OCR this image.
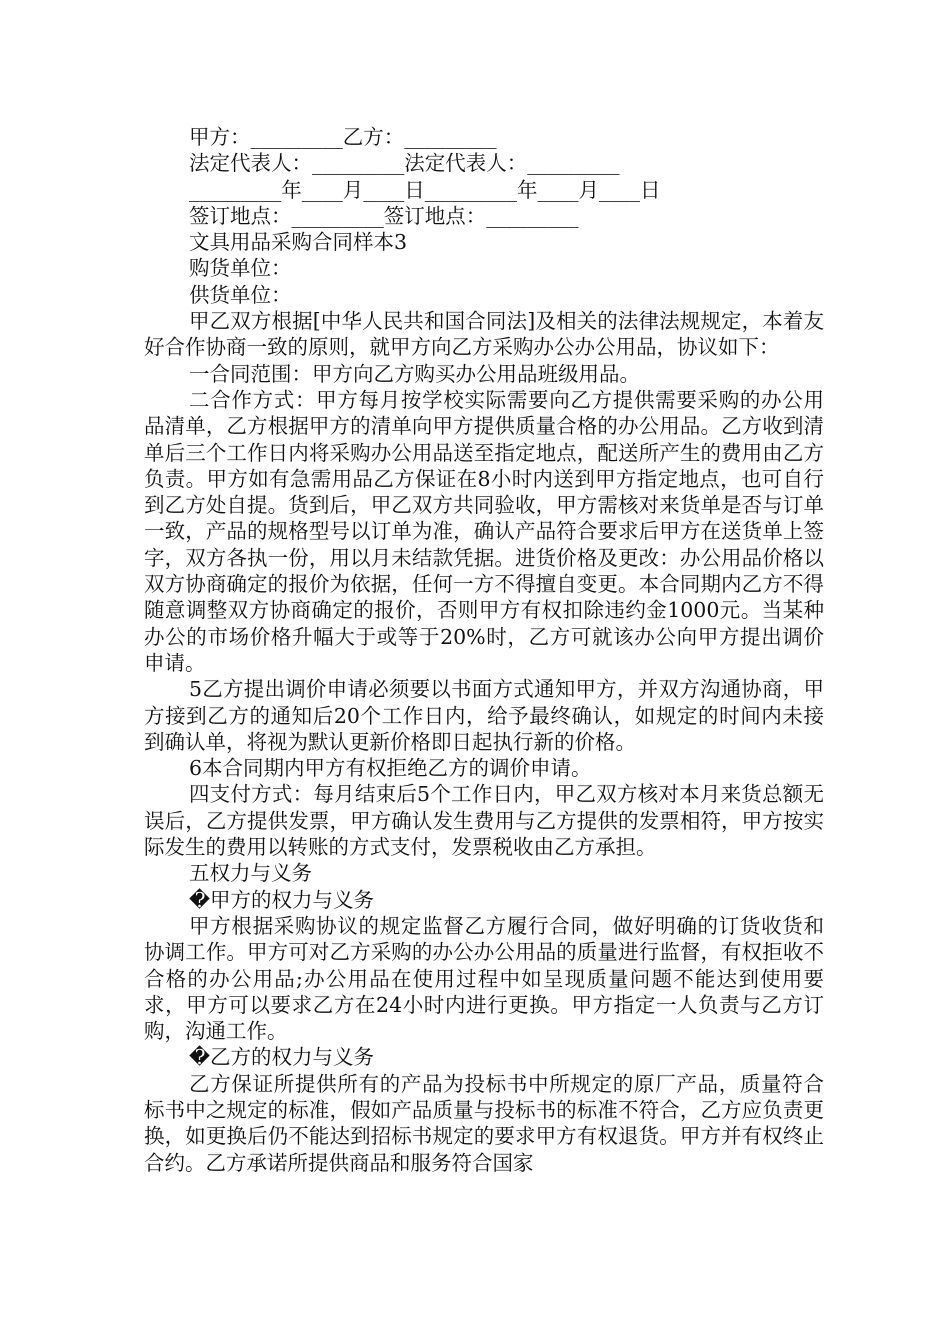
甲方：_________乙方：_________

法定代表人：_________法定代表人：_________

_________年____月____日_________年____月____日

签订地点：_________签订地点：_________

文具用品采购合同样本3

购货单位：

供货单位：

甲乙双方根据[中华人民共和国合同法]及相关的法律法规规定，本着友好合作协商一致的原则，就甲方向乙方采购办公办公用品，协议如下：

一合同范围：甲方向乙方购买办公用品班级用品。

二合作方式：甲方每月按学校实际需要向乙方提供需要采购的办公用品清单，乙方根据甲方的清单向甲方提供质量合格的办公用品。乙方收到清单后三个工作日内将采购办公用品送至指定地点，配送所产生的费用由乙方负责。甲方如有急需用品乙方保证在8小时内送到甲方指定地点，也可自行到乙方处自提。货到后，甲乙双方共同验收，甲方需核对来货单是否与订单一致，产品的规格型号以订单为准，确认产品符合要求后甲方在送货单上签字，双方各执一份，用以月未结款凭据。进货价格及更改：办公用品价格以双方协商确定的报价为依据，任何一方不得擅自变更。本合同期内乙方不得随意调整双方协商确定的报价，否则甲方有权扣除违约金1000元。当某种办公的市场价格升幅大于或等于20%时，乙方可就该办公向甲方提出调价申请。

5乙方提出调价申请必须要以书面方式通知甲方，并双方沟通协商，甲方接到乙方的通知后20个工作日内，给予最终确认，如规定的时间内未接到确认单，将视为默认更新价格即日起执行新的价格。

6本合同期内甲方有权拒绝乙方的调价申请。

四支付方式：每月结束后5个工作日内，甲乙双方核对本月来货总额无误后，乙方提供发票，甲方确认发生费用与乙方提供的发票相符，甲方按实际发生的费用以转账的方式支付，发票税收由乙方承担。

五权力与义务

�甲方的权力与义务

甲方根据采购协议的规定监督乙方履行合同，做好明确的订货收货和协调工作。甲方可对乙方采购的办公办公用品的质量进行监督，有权拒收不合格的办公用品;办公用品在使用过程中如呈现质量问题不能达到使用要求，甲方可以要求乙方在24小时内进行更换。甲方指定一人负责与乙方订购，沟通工作。

�乙方的权力与义务

乙方保证所提供所有的产品为投标书中所规定的原厂产品，质量符合标书中之规定的标准，假如产品质量与投标书的标准不符合，乙方应负责更换，如更换后仍不能达到招标书规定的要求甲方有权退货。甲方并有权终止合约。乙方承诺所提供商品和服务符合国家
